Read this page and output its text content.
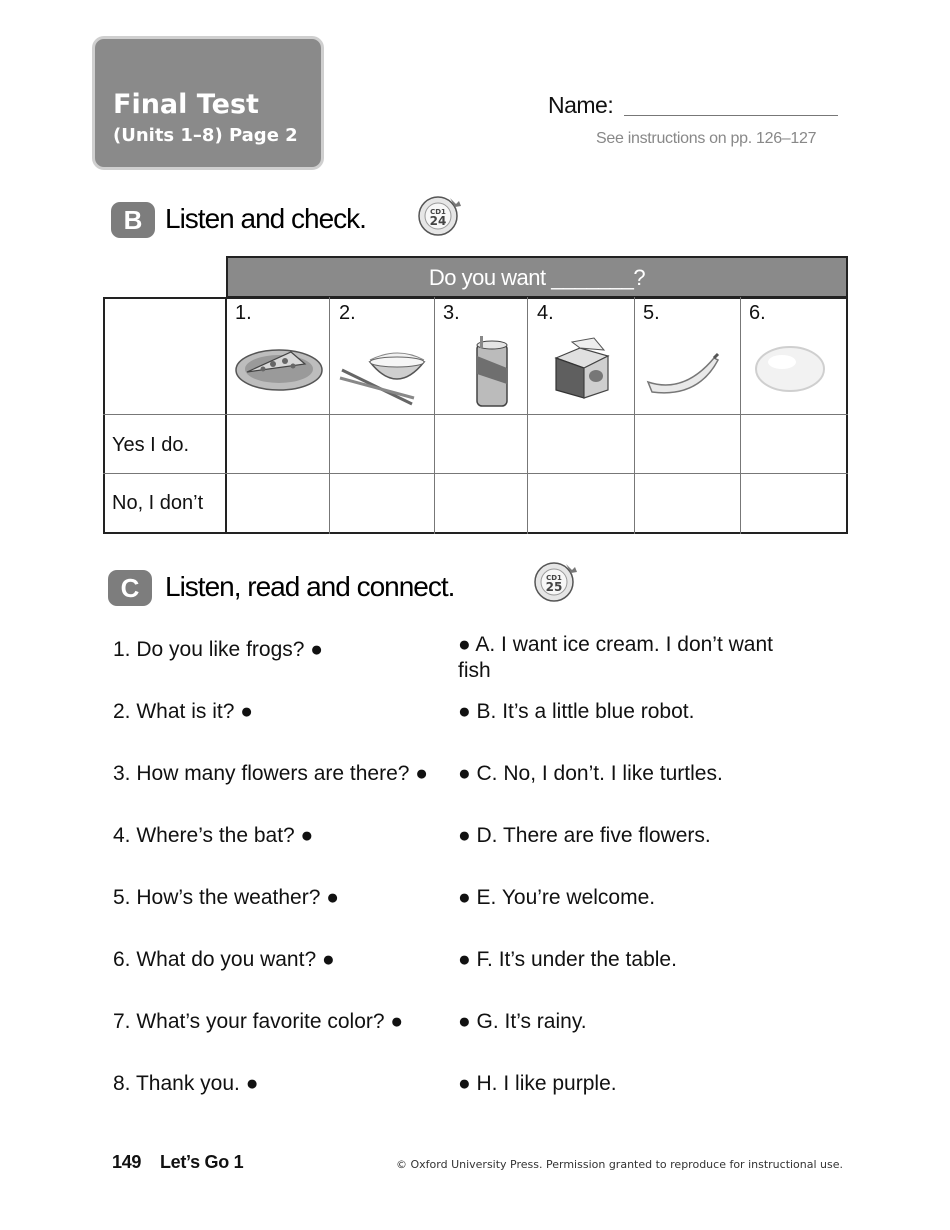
Final Test
(Units 1–8) Page 2
Name:
See instructions on pp. 126–127
B Listen and check.	CD1
24
Do you want _______?
1.	2.	3.	4.	5.	6.
Yes I do.
No, I don’t
C Listen, read and connect.	CD1
25
1. Do you like frogs? ●
2. What is it? ●
3. How many flowers are there? ●
4. Where’s the bat? ●
5. How’s the weather? ●
6. What do you want? ●
7. What’s your favorite color? ●
8. Thank you. ●
● A. I want ice cream. I don’t want fish
● B. It’s a little blue robot.
● C. No, I don’t. I like turtles.
● D. There are five flowers.
● E. You’re welcome.
● F. It’s under the table.
● G. It’s rainy.
● H. I like purple.
149 Let’s Go 1	© Oxford University Press. Permission granted to reproduce for instructional use.
